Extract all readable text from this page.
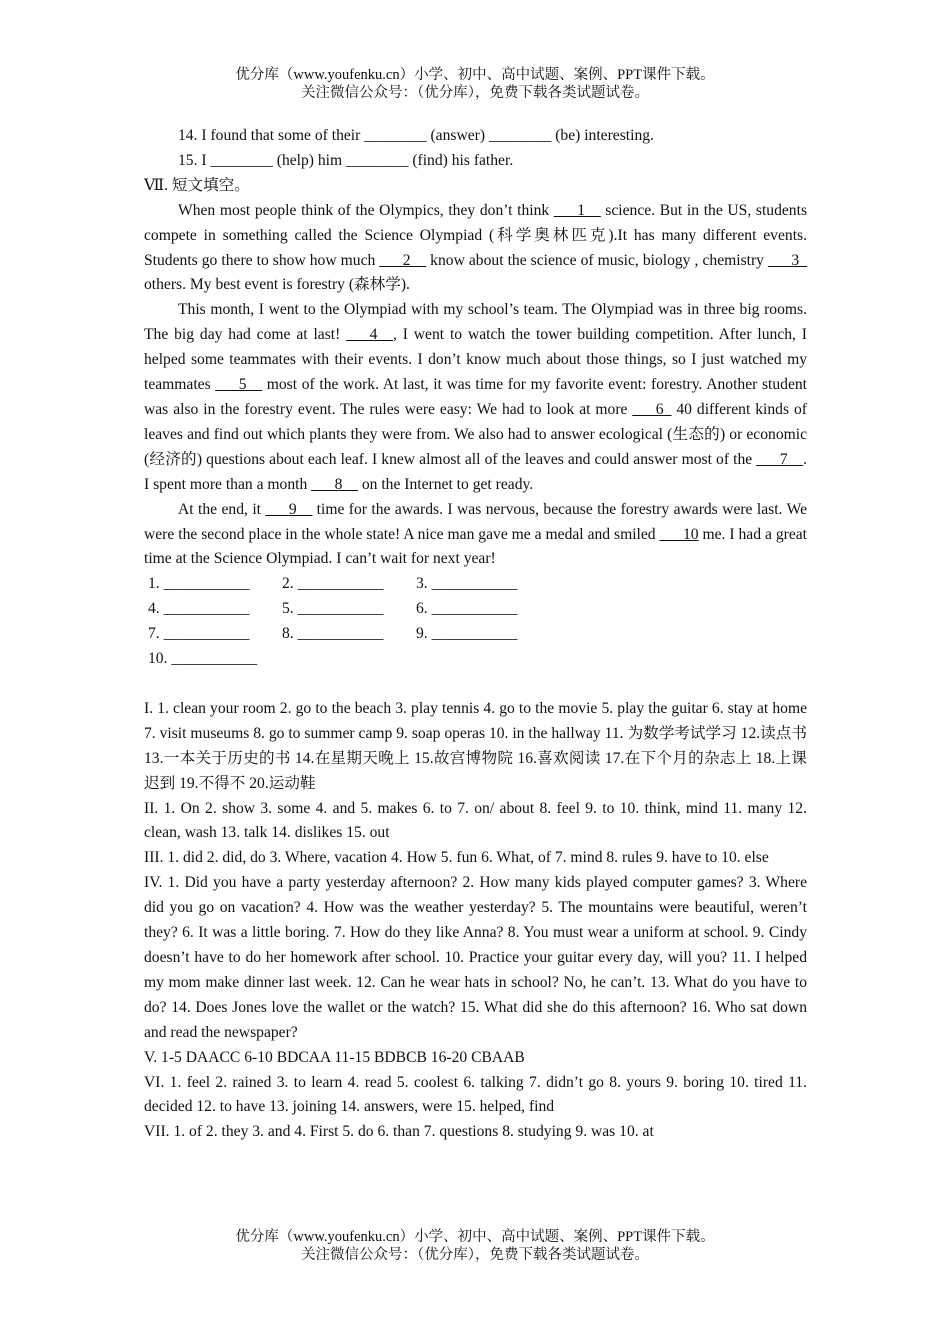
优分库（www.youfenku.cn）小学、初中、高中试题、案例、PPT课件下载。
关注微信公众号：（优分库），免费下载各类试题试卷。

14. I found that some of their ________ (answer) ________ (be) interesting.

15. I ________ (help) him ________ (find) his father.

Ⅶ. 短文填空。

When most people think of the Olympics, they don’t think ___1__ science. But in the US, students compete in something called the Science Olympiad (科学奥林匹克).It has many different events. Students go there to show how much ___2__ know about the science of music, biology , chemistry ___3_ others. My best event is forestry (森林学).

This month, I went to the Olympiad with my school’s team. The Olympiad was in three big rooms. The big day had come at last! ___4__, I went to watch the tower building competition. After lunch, I helped some teammates with their events. I don’t know much about those things, so I just watched my teammates ___5__ most of the work. At last, it was time for my favorite event: forestry. Another student was also in the forestry event. The rules were easy: We had to look at more ___6_ 40 different kinds of leaves and find out which plants they were from. We also had to answer ecological (生态的) or economic (经济的) questions about each leaf. I knew almost all of the leaves and could answer most of the ___7__. I spent more than a month ___8__ on the Internet to get ready.

At the end, it ___9__ time for the awards. I was nervous, because the forestry awards were last. We were the second place in the whole state! A nice man gave me a medal and smiled ___10 me. I had a great time at the Science Olympiad. I can’t wait for next year!

1. ___________	2. ___________	3. ___________
4. ___________	5. ___________	6. ___________
7. ___________	8. ___________	9. ___________
10. ___________

I. 1. clean your room 2. go to the beach 3. play tennis 4. go to the movie 5. play the guitar 6. stay at home 7. visit museums 8. go to summer camp 9. soap operas 10. in the hallway 11. 为数学考试学习 12.读点书 13.一本关于历史的书 14.在星期天晚上 15.故宫博物院 16.喜欢阅读 17.在下个月的杂志上 18.上课迟到 19.不得不 20.运动鞋

II. 1. On 2. show 3. some 4. and 5. makes 6. to 7. on/ about 8. feel 9. to 10. think, mind 11. many 12. clean, wash 13. talk 14. dislikes 15. out

III. 1. did 2. did, do 3. Where, vacation 4. How 5. fun 6. What, of 7. mind 8. rules 9. have to 10. else

IV. 1. Did you have a party yesterday afternoon? 2. How many kids played computer games? 3. Where did you go on vacation? 4. How was the weather yesterday? 5. The mountains were beautiful, weren’t they? 6. It was a little boring. 7. How do they like Anna? 8. You must wear a uniform at school. 9. Cindy doesn’t have to do her homework after school. 10. Practice your guitar every day, will you? 11. I helped my mom make dinner last week. 12. Can he wear hats in school? No, he can’t. 13. What do you have to do? 14. Does Jones love the wallet or the watch? 15. What did she do this afternoon? 16. Who sat down and read the newspaper?

V. 1-5 DAACC 6-10 BDCAA 11-15 BDBCB 16-20 CBAAB

VI. 1. feel 2. rained 3. to learn 4. read 5. coolest 6. talking 7. didn’t go 8. yours 9. boring 10. tired 11. decided 12. to have 13. joining 14. answers, were 15. helped, find

VII. 1. of 2. they 3. and 4. First 5. do 6. than 7. questions 8. studying 9. was 10. at

优分库（www.youfenku.cn）小学、初中、高中试题、案例、PPT课件下载。
关注微信公众号：（优分库），免费下载各类试题试卷。
